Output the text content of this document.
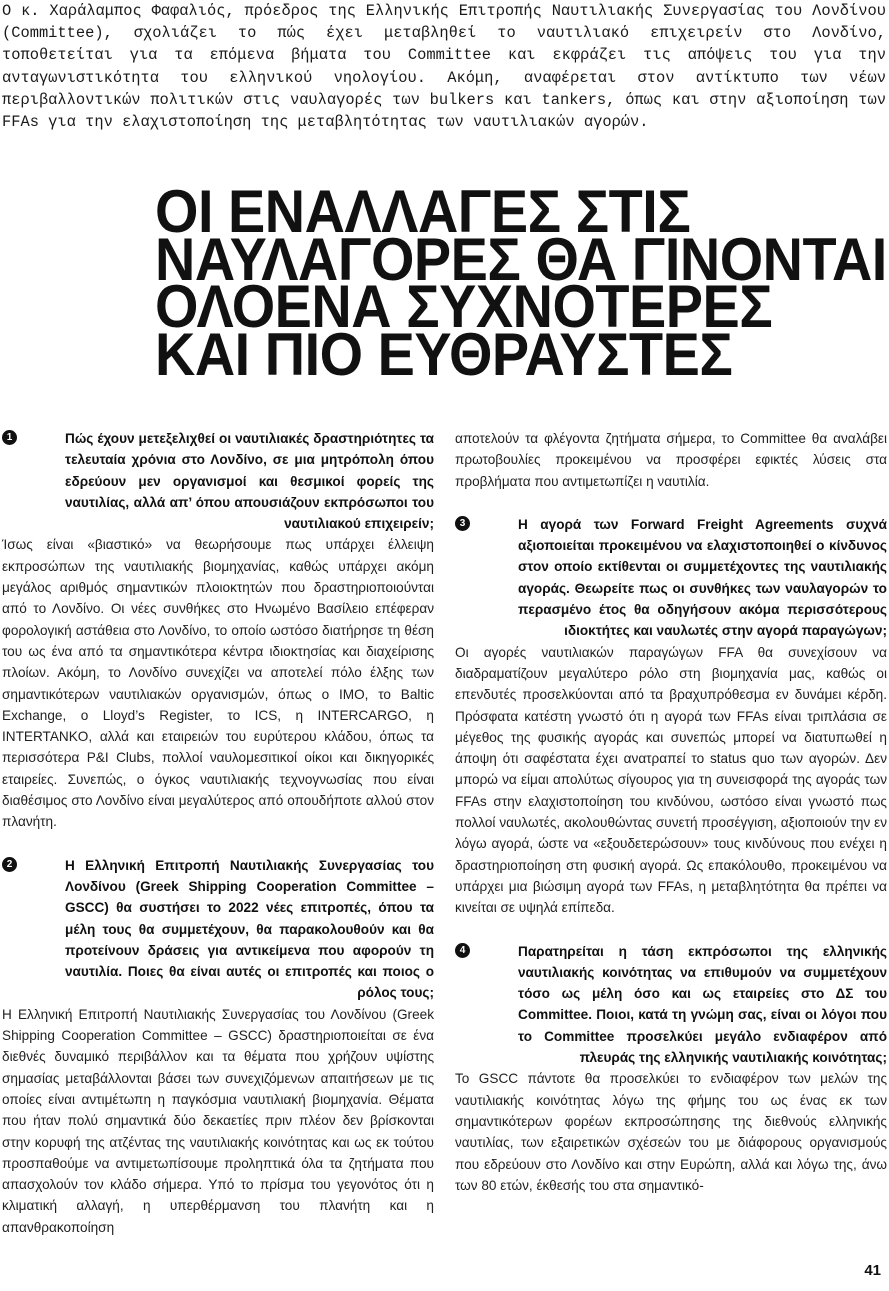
Ο κ. Χαράλαμπος Φαφαλιός, πρόεδρος της Ελληνικής Επιτροπής Ναυτιλιακής Συνεργασίας του Λονδίνου (Committee), σχολιάζει το πώς έχει μεταβληθεί το ναυτιλιακό επιχειρείν στο Λονδίνο, τοποθετείται για τα επόμενα βήματα του Committee και εκφράζει τις απόψεις του για την ανταγωνιστικότητα του ελληνικού νηολογίου. Ακόμη, αναφέρεται στον αντίκτυπο των νέων περιβαλλοντικών πολιτικών στις ναυλαγορές των bulkers και tankers, όπως και στην αξιοποίηση των FFAs για την ελαχιστοποίηση της μεταβλητότητας των ναυτιλιακών αγορών.

ΟΙ ΕΝΑΛΛΑΓΕΣ ΣΤΙΣ
ΝΑΥΛΑΓΟΡΕΣ ΘΑ ΓΙΝΟΝΤΑΙ
ΟΛΟΕΝΑ ΣΥΧΝΟΤΕΡΕΣ
ΚΑΙ ΠΙΟ ΕΥΘΡΑΥΣΤΕΣ
1	Πώς έχουν μετεξελιχθεί οι ναυτιλιακές δραστηριότητες τα τελευταία χρόνια στο Λονδίνο, σε μια μητρόπολη όπου εδρεύουν μεν οργανισμοί και θεσμικοί φορείς της ναυτιλίας, αλλά απ’ όπου απουσιάζουν εκπρόσωποι του ναυτιλιακού επιχειρείν;

Ίσως είναι «βιαστικό» να θεωρήσουμε πως υπάρχει έλλειψη εκπροσώπων της ναυτιλιακής βιομηχανίας, καθώς υπάρχει ακόμη μεγάλος αριθμός σημαντικών πλοιοκτητών που δραστηριοποιούνται από το Λονδίνο. Οι νέες συνθήκες στο Ηνωμένο Βασίλειο επέφεραν φορολογική αστάθεια στο Λονδίνο, το οποίο ωστόσο διατήρησε τη θέση του ως ένα από τα σημαντικότερα κέντρα ιδιοκτησίας και διαχείρισης πλοίων. Ακόμη, το Λονδίνο συνεχίζει να αποτελεί πόλο έλξης των σημαντικότερων ναυτιλιακών οργανισμών, όπως ο ΙΜΟ, το Baltic Exchange, ο Lloyd’s Register, το ICS, η INTERCARGO, η INTERTANKO, αλλά και εταιρειών του ευρύτερου κλάδου, όπως τα περισσότερα P&I Clubs, πολλοί ναυλομεσιτικοί οίκοι και δικηγορικές εταιρείες. Συνεπώς, ο όγκος ναυτιλιακής τεχνογνωσίας που είναι διαθέσιμος στο Λονδίνο είναι μεγαλύτερος από οπουδήποτε αλλού στον πλανήτη.

2	Η Ελληνική Επιτροπή Ναυτιλιακής Συνεργασίας του Λονδίνου (Greek Shipping Cooperation Committee – GSCC) θα συστήσει το 2022 νέες επιτροπές, όπου τα μέλη τους θα συμμετέχουν, θα παρακολουθούν και θα προτείνουν δράσεις για αντικείμενα που αφορούν τη ναυτιλία. Ποιες θα είναι αυτές οι επιτροπές και ποιος ο ρόλος τους;

Η Ελληνική Επιτροπή Ναυτιλιακής Συνεργασίας του Λονδίνου (Greek Shipping Cooperation Committee – GSCC) δραστηριοποιείται σε ένα διεθνές δυναμικό περιβάλλον και τα θέματα που χρήζουν υψίστης σημασίας μεταβάλλονται βάσει των συνεχιζόμενων απαιτήσεων με τις οποίες είναι αντιμέτωπη η παγκόσμια ναυτιλιακή βιομηχανία. Θέματα που ήταν πολύ σημαντικά δύο δεκαετίες πριν πλέον δεν βρίσκονται στην κορυφή της ατζέντας της ναυτιλιακής κοινότητας και ως εκ τούτου προσπαθούμε να αντιμετωπίσουμε προληπτικά όλα τα ζητήματα που απασχολούν τον κλάδο σήμερα. Υπό το πρίσμα του γεγονότος ότι η κλιματική αλλαγή, η υπερθέρμανση του πλανήτη και η απανθρακοποίηση

αποτελούν τα φλέγοντα ζητήματα σήμερα, το Committee θα αναλάβει πρωτοβουλίες προκειμένου να προσφέρει εφικτές λύσεις στα προβλήματα που αντιμετωπίζει η ναυτιλία.

3	Η αγορά των Forward Freight Agreements συχνά αξιοποιείται προκειμένου να ελαχιστοποιηθεί ο κίνδυνος στον οποίο εκτίθενται οι συμμετέχοντες της ναυτιλιακής αγοράς. Θεωρείτε πως οι συνθήκες των ναυλαγορών το περασμένο έτος θα οδηγήσουν ακόμα περισσότερους ιδιοκτήτες και ναυλωτές στην αγορά παραγώγων;

Οι αγορές ναυτιλιακών παραγώγων FFA θα συνεχίσουν να διαδραματίζουν μεγαλύτερο ρόλο στη βιομηχανία μας, καθώς οι επενδυτές προσελκύονται από τα βραχυπρόθεσμα εν δυνάμει κέρδη. Πρόσφατα κατέστη γνωστό ότι η αγορά των FFAs είναι τριπλάσια σε μέγεθος της φυσικής αγοράς και συνεπώς μπορεί να διατυπωθεί η άποψη ότι σαφέστατα έχει ανατραπεί το status quo των αγορών. Δεν μπορώ να είμαι απολύτως σίγουρος για τη συνεισφορά της αγοράς των FFAs στην ελαχιστοποίηση του κινδύνου, ωστόσο είναι γνωστό πως πολλοί ναυλωτές, ακολουθώντας συνετή προσέγγιση, αξιοποιούν την εν λόγω αγορά, ώστε να «εξουδετερώσουν» τους κινδύνους που ενέχει η δραστηριοποίηση στη φυσική αγορά. Ως επακόλουθο, προκειμένου να υπάρχει μια βιώσιμη αγορά των FFAs, η μεταβλητότητα θα πρέπει να κινείται σε υψηλά επίπεδα.

4	Παρατηρείται η τάση εκπρόσωποι της ελληνικής ναυτιλιακής κοινότητας να επιθυμούν να συμμετέχουν τόσο ως μέλη όσο και ως εταιρείες στο ΔΣ του Committee. Ποιοι, κατά τη γνώμη σας, είναι οι λόγοι που το Committee προσελκύει μεγάλο ενδιαφέρον από πλευράς της ελληνικής ναυτιλιακής κοινότητας;

Το GSCC πάντοτε θα προσελκύει το ενδιαφέρον των μελών της ναυτιλιακής κοινότητας λόγω της φήμης του ως ένας εκ των σημαντικότερων φορέων εκπροσώπησης της διεθνούς ελληνικής ναυτιλίας, των εξαιρετικών σχέσεών του με διάφορους οργανισμούς που εδρεύουν στο Λονδίνο και στην Ευρώπη, αλλά και λόγω της, άνω των 80 ετών, έκθεσής του στα σημαντικό-

41
